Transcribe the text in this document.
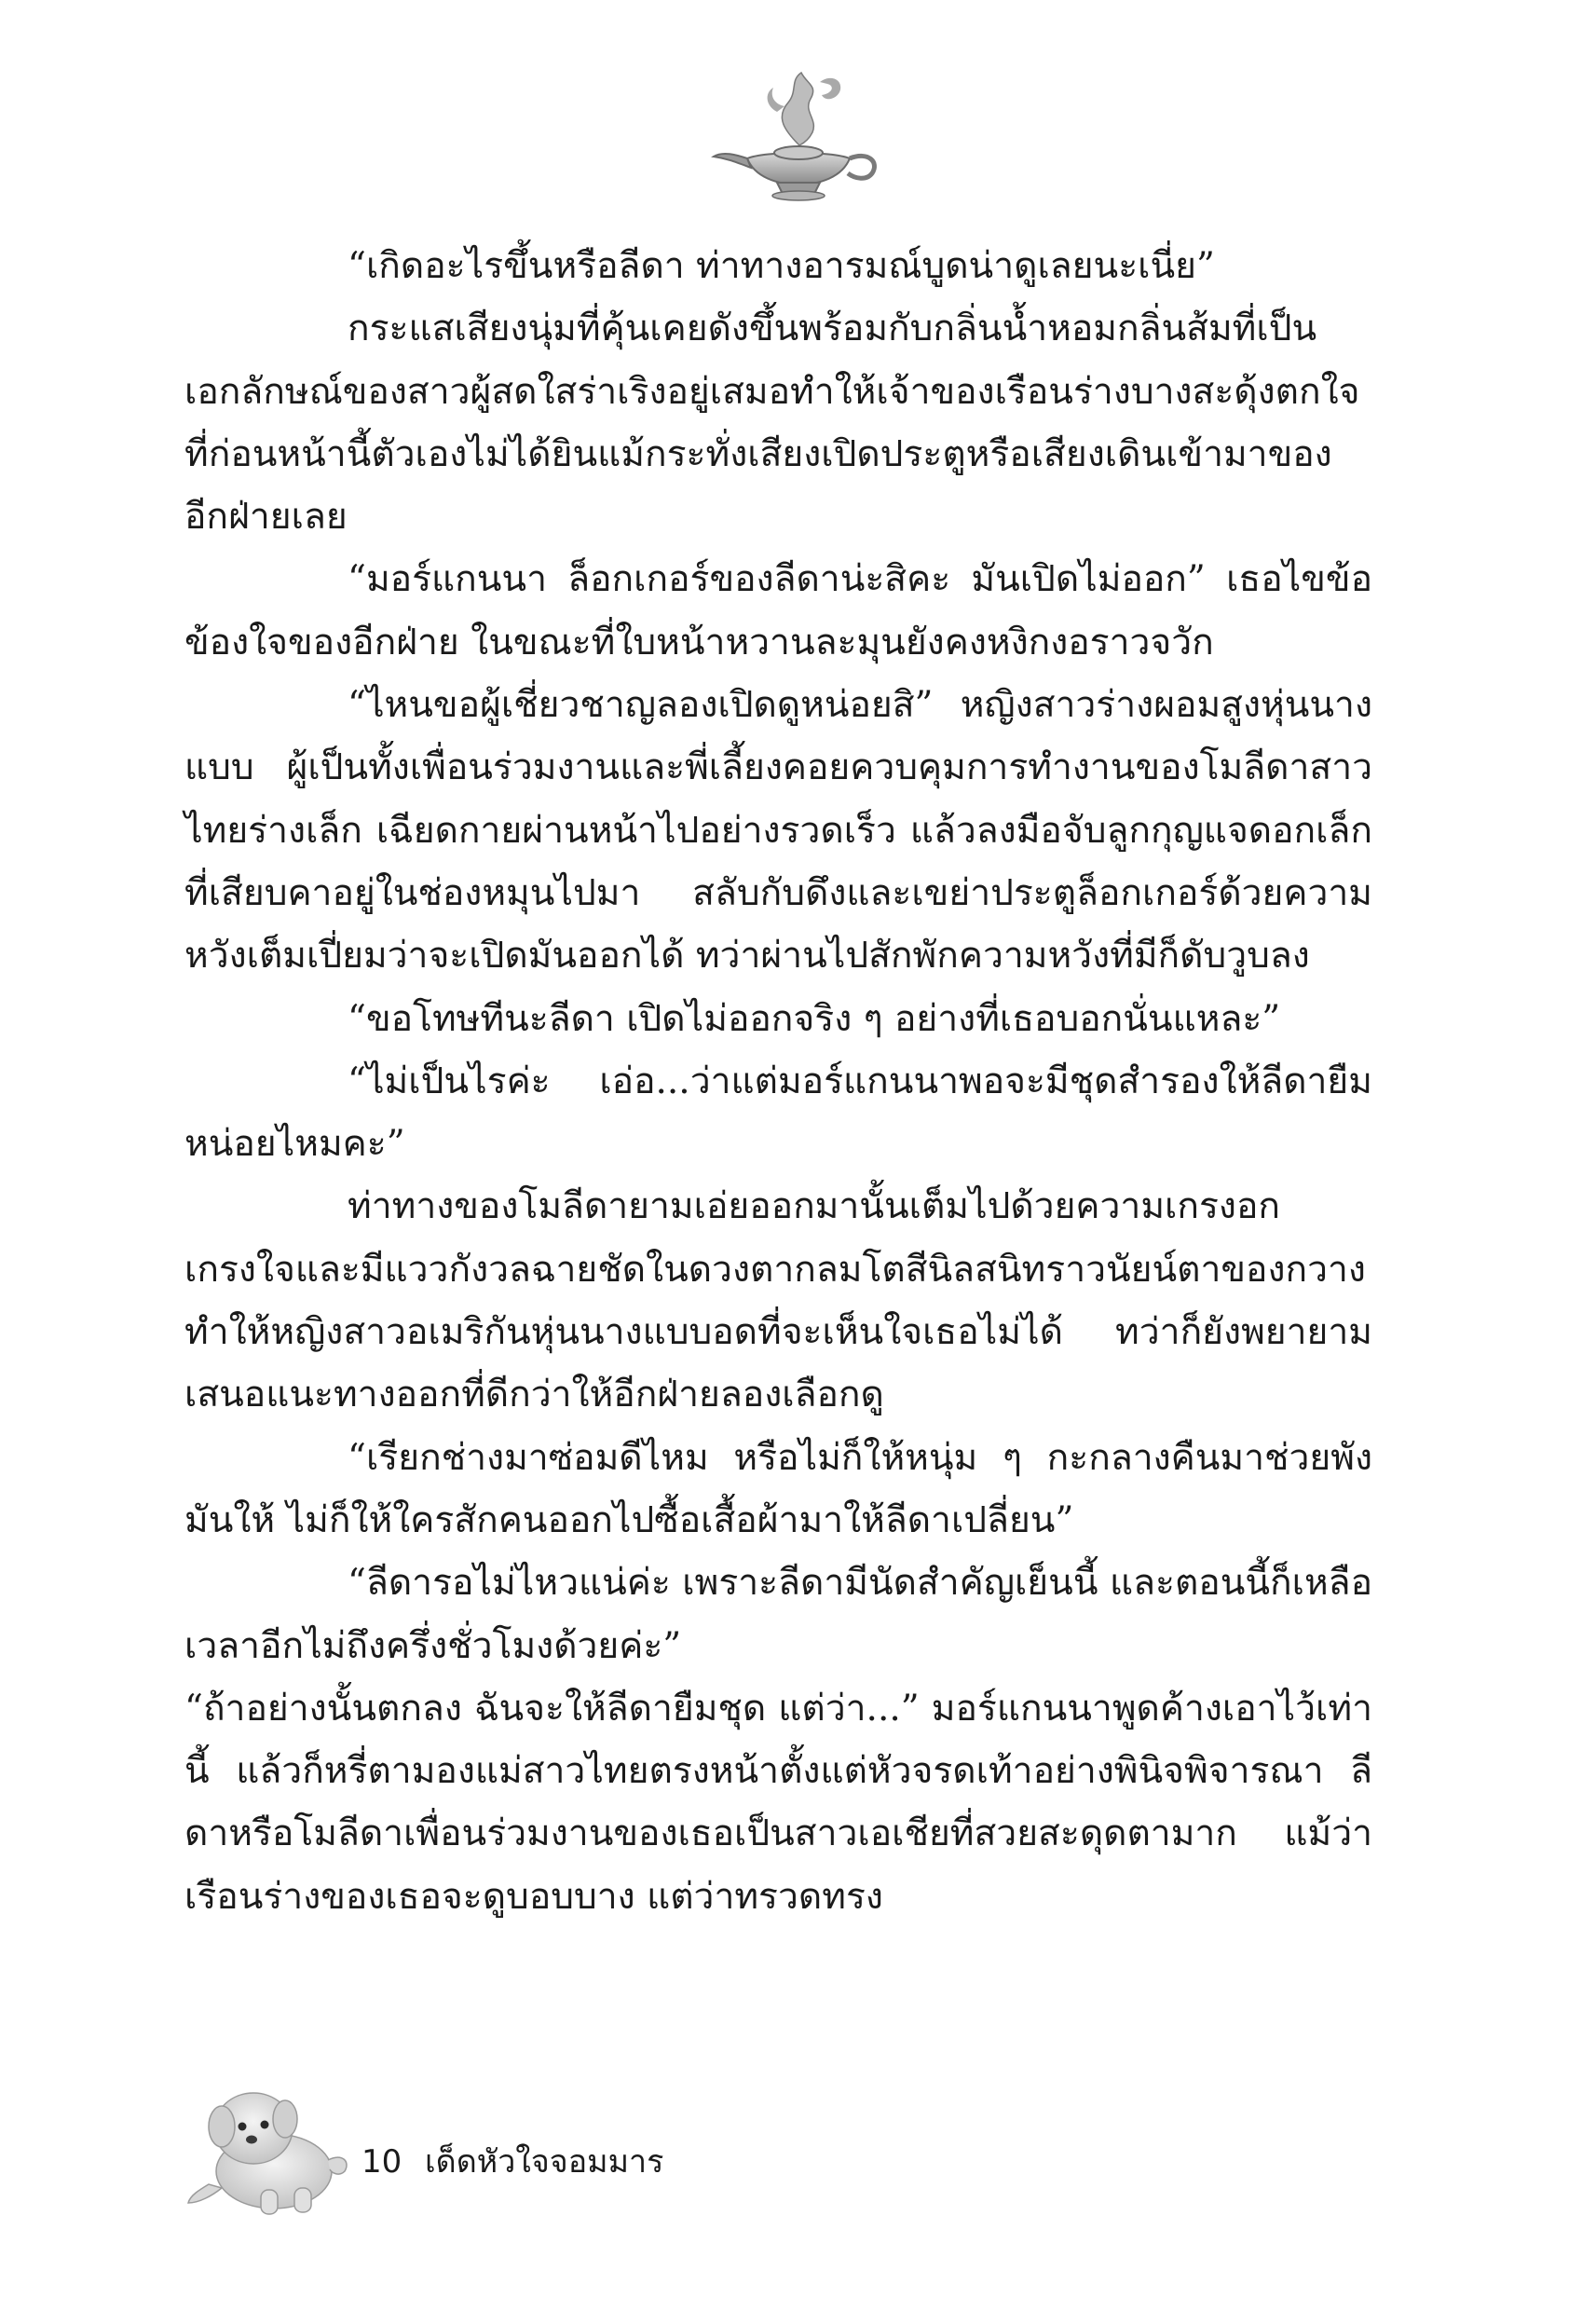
“เกิดอะไรขึ้นหรือลีดา ท่าทางอารมณ์บูดน่าดูเลยนะเนี่ย”

กระแสเสียงนุ่มที่คุ้นเคยดังขึ้นพร้อมกับกลิ่นน้ำหอมกลิ่นส้มที่เป็นเอกลักษณ์ของสาวผู้สดใสร่าเริงอยู่เสมอทำให้เจ้าของเรือนร่างบางสะดุ้งตกใจที่ก่อนหน้านี้ตัวเองไม่ได้ยินแม้กระทั่งเสียงเปิดประตูหรือเสียงเดินเข้ามาของอีกฝ่ายเลย

“มอร์แกนนา ล็อกเกอร์ของลีดาน่ะสิคะ มันเปิดไม่ออก” เธอไขข้อข้องใจของอีกฝ่าย ในขณะที่ใบหน้าหวานละมุนยังคงหงิกงอราวจวัก

“ไหนขอผู้เชี่ยวชาญลองเปิดดูหน่อยสิ” หญิงสาวร่างผอมสูงหุ่นนางแบบ ผู้เป็นทั้งเพื่อนร่วมงานและพี่เลี้ยงคอยควบคุมการทำงานของโมลีดาสาวไทยร่างเล็ก เฉียดกายผ่านหน้าไปอย่างรวดเร็ว แล้วลงมือจับลูกกุญแจดอกเล็กที่เสียบคาอยู่ในช่องหมุนไปมา สลับกับดึงและเขย่าประตูล็อกเกอร์ด้วยความหวังเต็มเปี่ยมว่าจะเปิดมันออกได้ ทว่าผ่านไปสักพักความหวังที่มีก็ดับวูบลง

“ขอโทษทีนะลีดา เปิดไม่ออกจริง ๆ อย่างที่เธอบอกนั่นแหละ”

“ไม่เป็นไรค่ะ เอ่อ...ว่าแต่มอร์แกนนาพอจะมีชุดสำรองให้ลีดายืมหน่อยไหมคะ”

ท่าทางของโมลีดายามเอ่ยออกมานั้นเต็มไปด้วยความเกรงอกเกรงใจและมีแววกังวลฉายชัดในดวงตากลมโตสีนิลสนิทราวนัยน์ตาของกวางทำให้หญิงสาวอเมริกันหุ่นนางแบบอดที่จะเห็นใจเธอไม่ได้ ทว่าก็ยังพยายามเสนอแนะทางออกที่ดีกว่าให้อีกฝ่ายลองเลือกดู

“เรียกช่างมาซ่อมดีไหม หรือไม่ก็ให้หนุ่ม ๆ กะกลางคืนมาช่วยพังมันให้ ไม่ก็ให้ใครสักคนออกไปซื้อเสื้อผ้ามาให้ลีดาเปลี่ยน”

“ลีดารอไม่ไหวแน่ค่ะ เพราะลีดามีนัดสำคัญเย็นนี้ และตอนนี้ก็เหลือเวลาอีกไม่ถึงครึ่งชั่วโมงด้วยค่ะ”

“ถ้าอย่างนั้นตกลง ฉันจะให้ลีดายืมชุด แต่ว่า...” มอร์แกนนาพูดค้างเอาไว้เท่านี้ แล้วก็หรี่ตามองแม่สาวไทยตรงหน้าตั้งแต่หัวจรดเท้าอย่างพินิจพิจารณา ลีดาหรือโมลีดาเพื่อนร่วมงานของเธอเป็นสาวเอเชียที่สวยสะดุดตามาก แม้ว่าเรือนร่างของเธอจะดูบอบบาง แต่ว่าทรวดทรง

10 เด็ดหัวใจจอมมาร
